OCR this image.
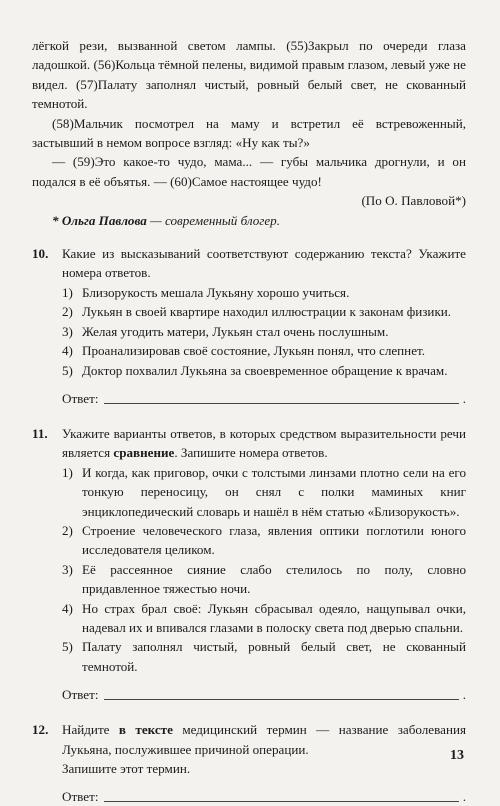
лёгкой рези, вызванной светом лампы. (55)Закрыл по очереди глаза ладошкой. (56)Кольца тёмной пелены, видимой правым глазом, левый уже не видел. (57)Палату заполнял чистый, ровный белый свет, не скованный темнотой.

(58)Мальчик посмотрел на маму и встретил её встревоженный, застывший в немом вопросе взгляд: «Ну как ты?»

— (59)Это какое-то чудо, мама... — губы мальчика дрогнули, и он подался в её объятья. — (60)Самое настоящее чудо!

(По О. Павловой*)

* Ольга Павлова — современный блогер.

10.	Какие из высказываний соответствуют содержанию текста? Укажите номера ответов.

1) Близорукость мешала Лукьяну хорошо учиться.
2) Лукьян в своей квартире находил иллюстрации к законам физики.
3) Желая угодить матери, Лукьян стал очень послушным.
4) Проанализировав своё состояние, Лукьян понял, что слепнет.
5) Доктор похвалил Лукьяна за своевременное обращение к врачам.
Ответ:	.
11.	Укажите варианты ответов, в которых средством выразительности речи является сравнение. Запишите номера ответов.

1) И когда, как приговор, очки с толстыми линзами плотно сели на его тонкую переносицу, он снял с полки маминых книг энциклопедический словарь и нашёл в нём статью «Близорукость».
2) Строение человеческого глаза, явления оптики поглотили юного исследователя целиком.
3) Её рассеянное сияние слабо стелилось по полу, словно придавленное тяжестью ночи.
4) Но страх брал своё: Лукьян сбрасывал одеяло, нащупывал очки, надевал их и впивался глазами в полоску света под дверью спальни.
5) Палату заполнял чистый, ровный белый свет, не скованный темнотой.
Ответ:	.
12.	Найдите в тексте медицинский термин — название заболевания Лукьяна, послужившее причиной операции.

Запишите этот термин.

Ответ:	.
13
